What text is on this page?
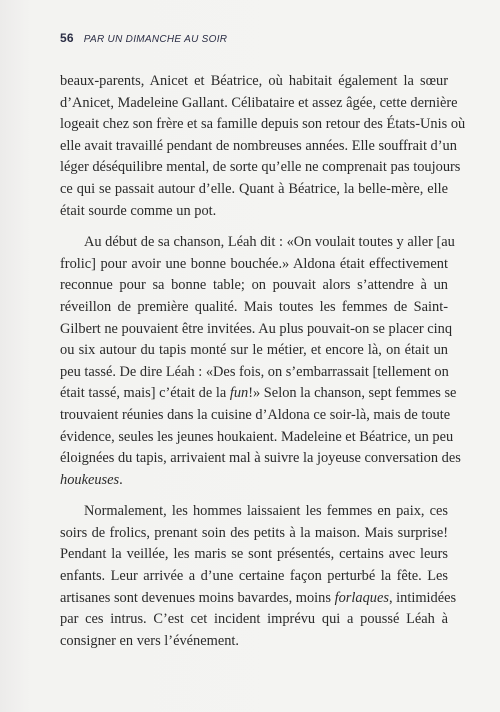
56 PAR UN DIMANCHE AU SOIR

beaux-parents, Anicet et Béatrice, où habitait également la sœur
d’Anicet, Madeleine Gallant. Célibataire et assez âgée, cette dernière
logeait chez son frère et sa famille depuis son retour des États-Unis où
elle avait travaillé pendant de nombreuses années. Elle souffrait d’un
léger déséquilibre mental, de sorte qu’elle ne comprenait pas toujours
ce qui se passait autour d’elle. Quant à Béatrice, la belle-mère, elle
était sourde comme un pot.

Au début de sa chanson, Léah dit : «On voulait toutes y aller [au
frolic] pour avoir une bonne bouchée.» Aldona était effectivement
reconnue pour sa bonne table; on pouvait alors s’attendre à un
réveillon de première qualité. Mais toutes les femmes de Saint-
Gilbert ne pouvaient être invitées. Au plus pouvait-on se placer cinq
ou six autour du tapis monté sur le métier, et encore là, on était un
peu tassé. De dire Léah : «Des fois, on s’embarrassait [tellement on
était tassé, mais] c’était de la fun!» Selon la chanson, sept femmes se
trouvaient réunies dans la cuisine d’Aldona ce soir-là, mais de toute
évidence, seules les jeunes houkaient. Madeleine et Béatrice, un peu
éloignées du tapis, arrivaient mal à suivre la joyeuse conversation des
houkeuses.

Normalement, les hommes laissaient les femmes en paix, ces
soirs de frolics, prenant soin des petits à la maison. Mais surprise!
Pendant la veillée, les maris se sont présentés, certains avec leurs
enfants. Leur arrivée a d’une certaine façon perturbé la fête. Les
artisanes sont devenues moins bavardes, moins forlaques, intimidées
par ces intrus. C’est cet incident imprévu qui a poussé Léah à
consigner en vers l’événement.
